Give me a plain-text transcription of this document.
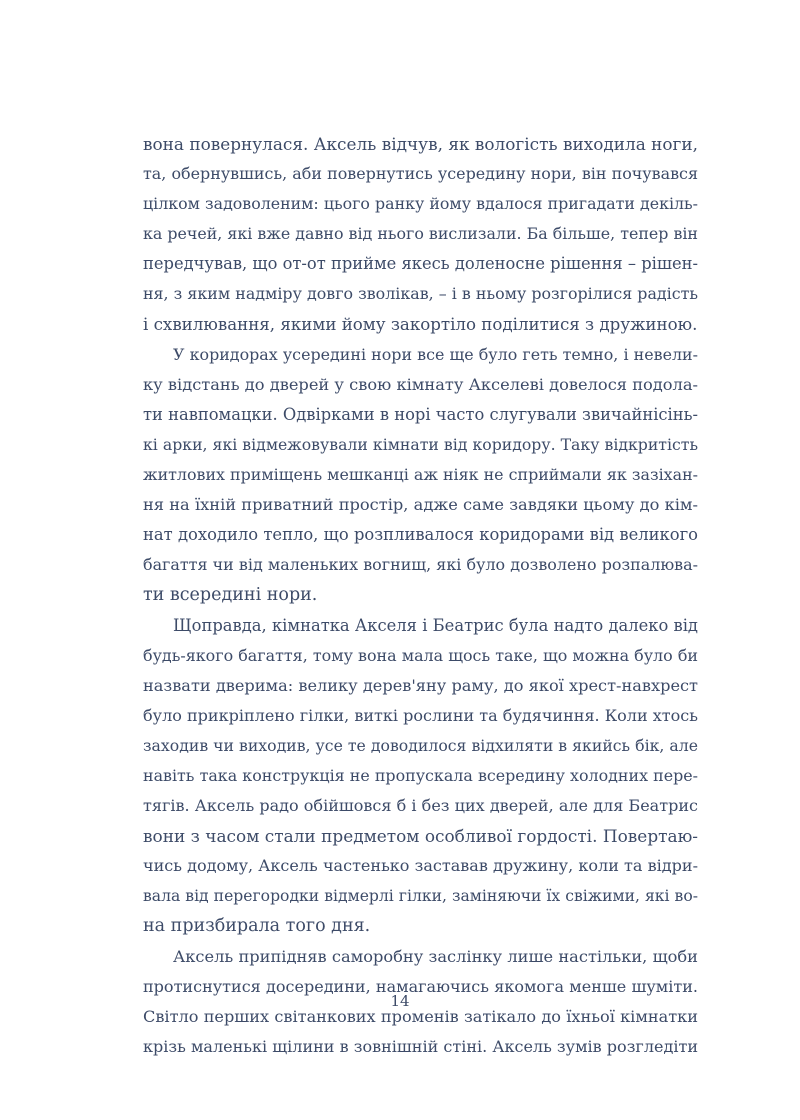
вона повернулася. Аксель відчув, як вологість виходила ноги,
та, обернувшись, аби повернутись усередину нори, він почувався
цілком задоволеним: цього ранку йому вдалося пригадати декіль-
ка речей, які вже давно від нього вислизали. Ба більше, тепер він
передчував, що от-от прийме якесь доленосне рішення – рішен-
ня, з яким надміру довго зволікав, – і в ньому розгорілися радість
і схвилювання, якими йому закортіло поділитися з дружиною.
У коридорах усередині нори все ще було геть темно, і невели-
ку відстань до дверей у свою кімнату Акселеві довелося подола-
ти навпомацки. Одвірками в норі часто слугували звичайнісінь-
кі арки, які відмежовували кімнати від коридору. Таку відкритість
житлових приміщень мешканці аж ніяк не сприймали як зазіхан-
ня на їхній приватний простір, адже саме завдяки цьому до кім-
нат доходило тепло, що розпливалося коридорами від великого
багаття чи від маленьких вогнищ, які було дозволено розпалюва-
ти всередині нори.
Щоправда, кімнатка Акселя і Беатрис була надто далеко від
будь-якого багаття, тому вона мала щось таке, що можна було би
назвати дверима: велику дерев'яну раму, до якої хрест-навхрест
було прикріплено гілки, виткі рослини та будячиння. Коли хтось
заходив чи виходив, усе те доводилося відхиляти в якийсь бік, але
навіть така конструкція не пропускала всередину холодних пере-
тягів. Аксель радо обійшовся б і без цих дверей, але для Беатрис
вони з часом стали предметом особливої гордості. Повертаю-
чись додому, Аксель частенько заставав дружину, коли та відри-
вала від перегородки відмерлі гілки, заміняючи їх свіжими, які во-
на призбирала того дня.
Аксель припідняв саморобну заслінку лише настільки, щоби
протиснутися досередини, намагаючись якомога менше шуміти.
Світло перших світанкових променів затікало до їхньої кімнатки
крізь маленькі щілини в зовнішній стіні. Аксель зумів розгледіти
14
